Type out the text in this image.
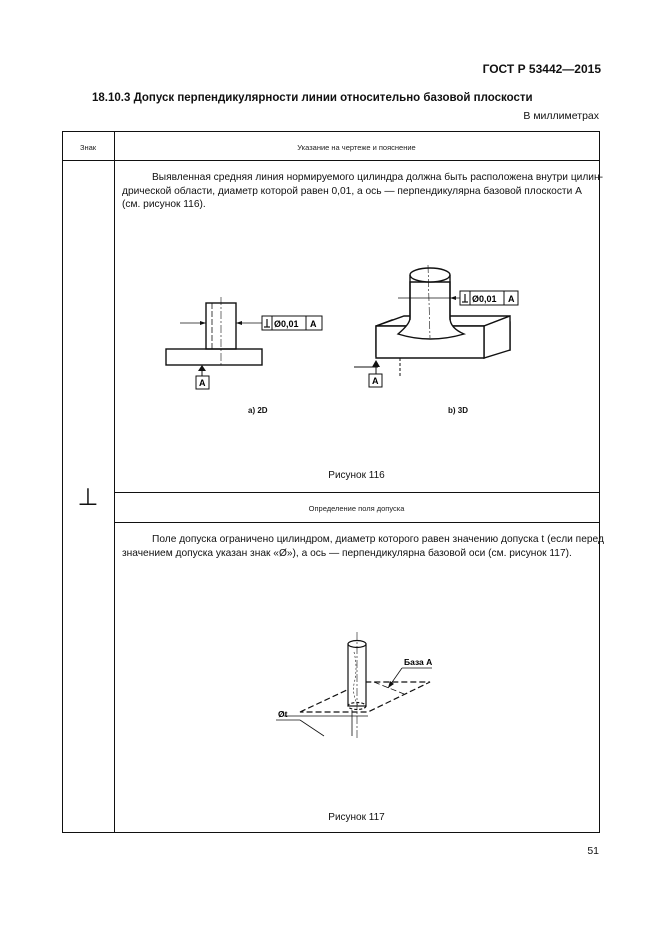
ГОСТ Р 53442—2015
18.10.3 Допуск перпендикулярности линии относительно базовой плоскости
В миллиметрах
Знак	Указание на чертеже и пояснение
⊥
Выявленная средняя линия нормируемого цилиндра должна быть расположена внутри цилин-
дрической области, диаметр которой равен 0,01, а ось — перпендикулярна базовой плоскости А
(см. рисунок 116).
Ø0,01 A
A
a) 2D
Ø0,01 A
A
b) 3D
Рисунок 116
Определение поля допуска
Поле допуска ограничено цилиндром, диаметр которого равен значению допуска t (если перед
значением допуска указан знак «Ø»), а ось — перпендикулярна базовой оси (см. рисунок 117).
База А
Øt
Рисунок 117
51
